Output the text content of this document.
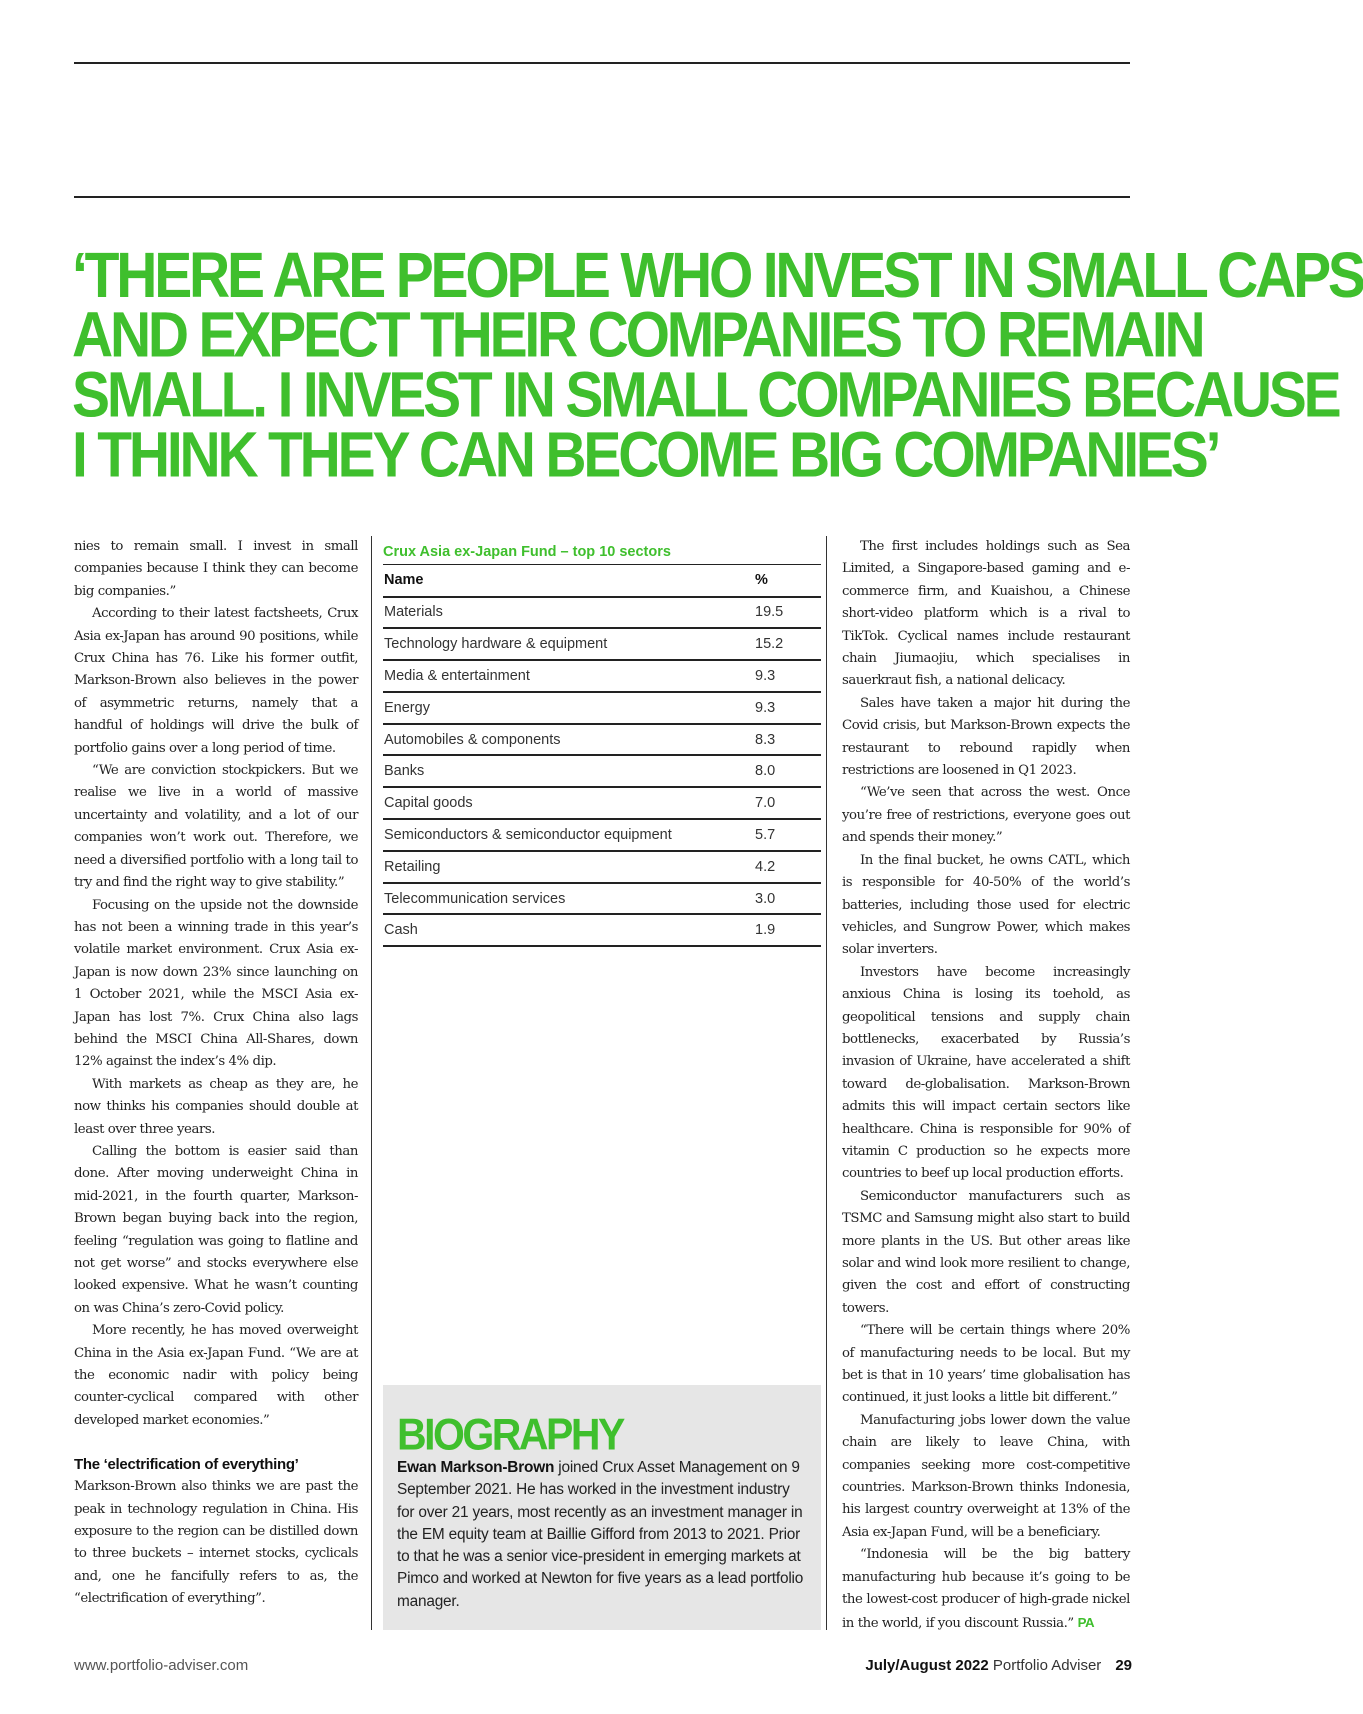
‘THERE ARE PEOPLE WHO INVEST IN SMALL CAPS
AND EXPECT THEIR COMPANIES TO REMAIN
SMALL. I INVEST IN SMALL COMPANIES BECAUSE
I THINK THEY CAN BECOME BIG COMPANIES’

nies to remain small. I invest in small companies because I think they can become big companies.”

According to their latest factsheets, Crux Asia ex-Japan has around 90 positions, while Crux China has 76. Like his former outfit, Markson-Brown also believes in the power of asymmetric returns, namely that a handful of holdings will drive the bulk of portfolio gains over a long period of time.

“We are conviction stockpickers. But we realise we live in a world of massive uncertainty and volatility, and a lot of our companies won’t work out. Therefore, we need a diversified portfolio with a long tail to try and find the right way to give stability.”

Focusing on the upside not the downside has not been a winning trade in this year’s volatile market environment. Crux Asia ex-Japan is now down 23% since launching on 1 October 2021, while the MSCI Asia ex-Japan has lost 7%. Crux China also lags behind the MSCI China All-Shares, down 12% against the index’s 4% dip.

With markets as cheap as they are, he now thinks his companies should double at least over three years.

Calling the bottom is easier said than done. After moving underweight China in mid-2021, in the fourth quarter, Markson-Brown began buying back into the region, feeling “regulation was going to flatline and not get worse” and stocks everywhere else looked expensive. What he wasn’t counting on was China’s zero-Covid policy.

More recently, he has moved overweight China in the Asia ex-Japan Fund. “We are at the economic nadir with policy being counter-cyclical compared with other developed market economies.”

The ‘electrification of everything’

Markson-Brown also thinks we are past the peak in technology regulation in China. His exposure to the region can be distilled down to three buckets – internet stocks, cyclicals and, one he fancifully refers to as, the “electrification of everything”.

Crux Asia ex-Japan Fund – top 10 sectors
Name	%
Materials	19.5
Technology hardware & equipment	15.2
Media & entertainment	9.3
Energy	9.3
Automobiles & components	8.3
Banks	8.0
Capital goods	7.0
Semiconductors & semiconductor equipment	5.7
Retailing	4.2
Telecommunication services	3.0
Cash	1.9
BIOGRAPHY
Ewan Markson-Brown joined Crux Asset Management on 9 September 2021. He has worked in the investment industry for over 21 years, most recently as an investment manager in the EM equity team at Baillie Gifford from 2013 to 2021. Prior to that he was a senior vice-president in emerging markets at Pimco and worked at Newton for five years as a lead portfolio manager.

The first includes holdings such as Sea Limited, a Singapore-based gaming and e-commerce firm, and Kuaishou, a Chinese short-video platform which is a rival to TikTok. Cyclical names include restaurant chain Jiumaojiu, which specialises in sauerkraut fish, a national delicacy.

Sales have taken a major hit during the Covid crisis, but Markson-Brown expects the restaurant to rebound rapidly when restrictions are loosened in Q1 2023.

“We’ve seen that across the west. Once you’re free of restrictions, everyone goes out and spends their money.”

In the final bucket, he owns CATL, which is responsible for 40-50% of the world’s batteries, including those used for electric vehicles, and Sungrow Power, which makes solar inverters.

Investors have become increasingly anxious China is losing its toehold, as geopolitical tensions and supply chain bottlenecks, exacerbated by Russia’s invasion of Ukraine, have accelerated a shift toward de-globalisation. Markson-Brown admits this will impact certain sectors like healthcare. China is responsible for 90% of vitamin C production so he expects more countries to beef up local production efforts.

Semiconductor manufacturers such as TSMC and Samsung might also start to build more plants in the US. But other areas like solar and wind look more resilient to change, given the cost and effort of constructing towers.

“There will be certain things where 20% of manufacturing needs to be local. But my bet is that in 10 years’ time globalisation has continued, it just looks a little bit different.”

Manufacturing jobs lower down the value chain are likely to leave China, with companies seeking more cost-competitive countries. Markson-Brown thinks Indonesia, his largest country overweight at 13% of the Asia ex-Japan Fund, will be a beneficiary.

“Indonesia will be the big battery manufacturing hub because it’s going to be the lowest-cost producer of high-grade nickel in the world, if you discount Russia.” PA

www.portfolio-adviser.com	July/August 2022 Portfolio Adviser 29
